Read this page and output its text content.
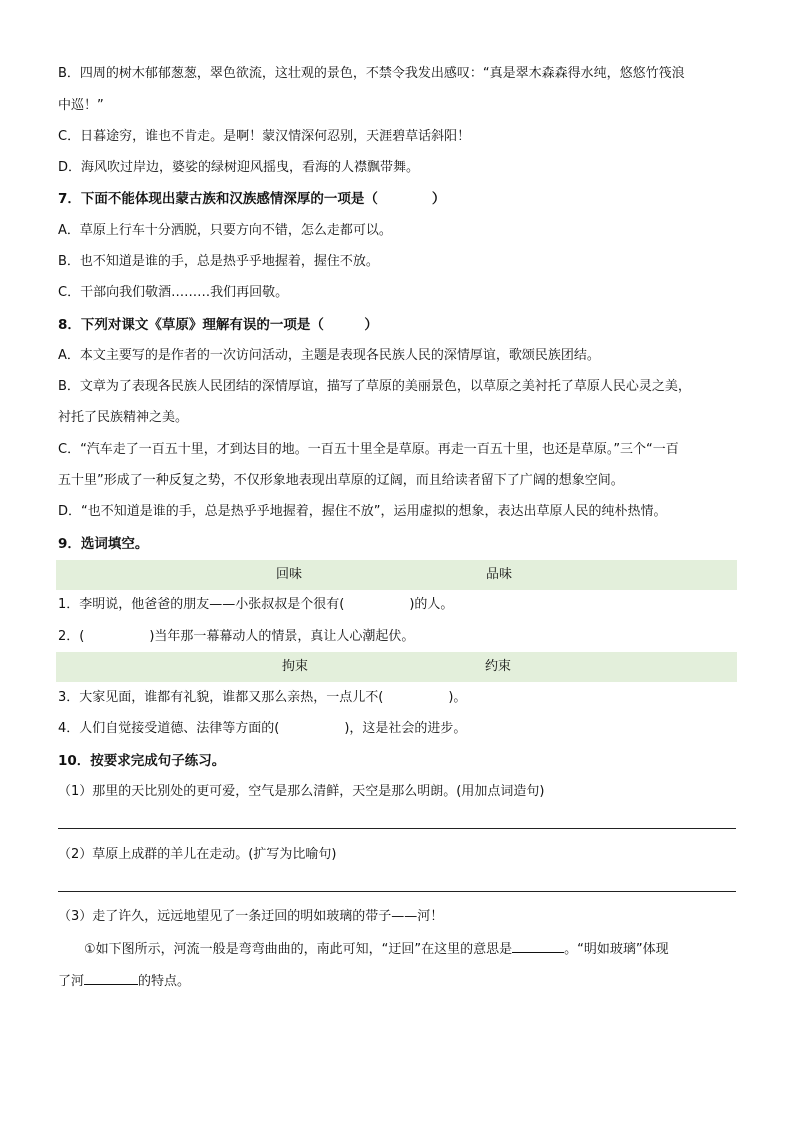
B．四周的树木郁郁葱葱，翠色欲流，这壮观的景色，不禁令我发出感叹：“真是翠木森森得水纯，悠悠竹筏浪
中巡！”
C．日暮途穷，谁也不肯走。是啊！蒙汉情深何忍别，天涯碧草话斜阳！
D．海风吹过岸边，婆娑的绿树迎风摇曳，看海的人襟飘带舞。
7．下面不能体现出蒙古族和汉族感情深厚的一项是（　　　　）
A．草原上行车十分洒脱，只要方向不错，怎么走都可以。
B．也不知道是谁的手，总是热乎乎地握着，握住不放。
C．干部向我们敬酒………我们再回敬。
8．下列对课文《草原》理解有误的一项是（　　　）
A．本文主要写的是作者的一次访问活动，主题是表现各民族人民的深情厚谊，歌颂民族团结。
B．文章为了表现各民族人民团结的深情厚谊，描写了草原的美丽景色，以草原之美衬托了草原人民心灵之美，
衬托了民族精神之美。
C．“汽车走了一百五十里，才到达目的地。一百五十里全是草原。再走一百五十里，也还是草原。”三个“一百
五十里”形成了一种反复之势，不仅形象地表现出草原的辽阔，而且给读者留下了广阔的想象空间。
D．“也不知道是谁的手，总是热乎乎地握着，握住不放”，运用虚拟的想象，表达出草原人民的纯朴热情。
9．选词填空。
回味	品味
1．李明说，他爸爸的朋友——小张叔叔是个很有(　　　　　)的人。
2．(　　　　　)当年那一幕幕动人的情景，真让人心潮起伏。
拘束	约束
3．大家见面，谁都有礼貌，谁都又那么亲热，一点儿不(　　　　　)。
4．人们自觉接受道德、法律等方面的(　　　　　)，这是社会的进步。
10．按要求完成句子练习。
（1）那里的天比别处的更可爱，空气是那么清鲜，天空是那么明朗。(用加点词造句)
（2）草原上成群的羊儿在走动。(扩写为比喻句)
（3）走了许久，远远地望见了一条迂回的明如玻璃的带子——河！
①如下图所示，河流一般是弯弯曲曲的，南此可知，“迂回”在这里的意思是	。“明如玻璃”体现
了河	的特点。
